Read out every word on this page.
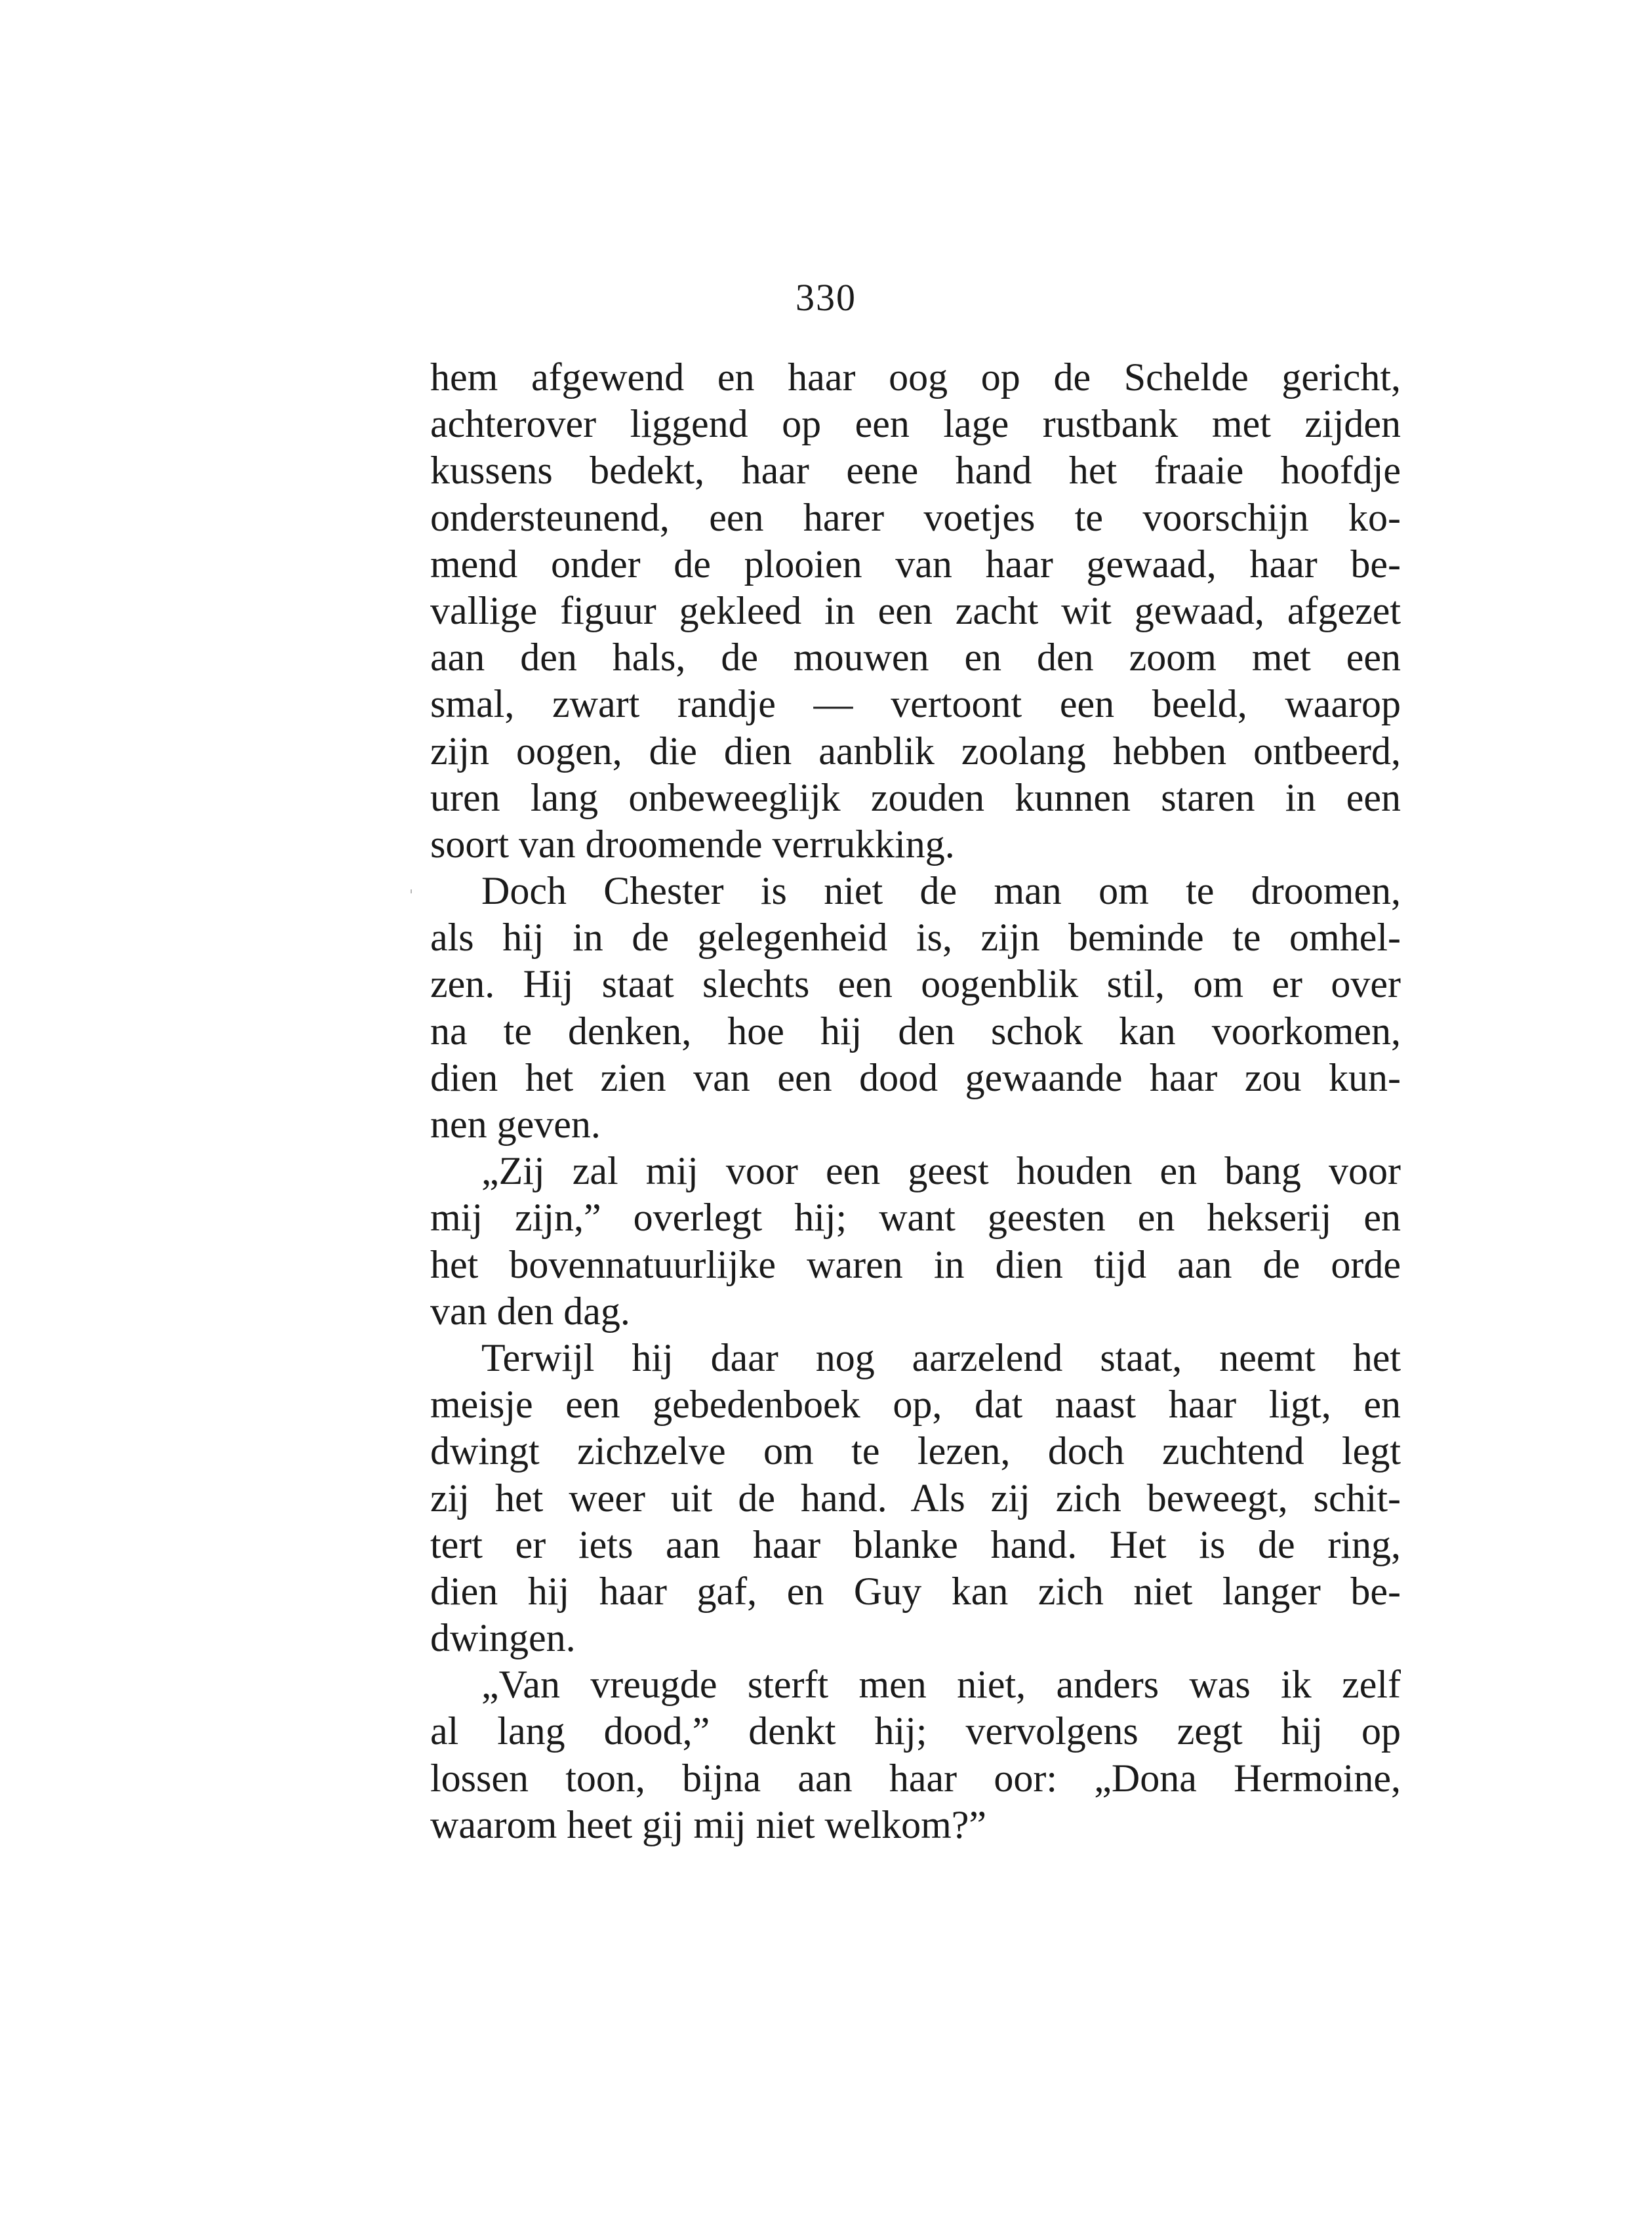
330
hem afgewend en haar oog op de Schelde gericht,
achterover liggend op een lage rustbank met zijden
kussens bedekt, haar eene hand het fraaie hoofdje
ondersteunend, een harer voetjes te voorschijn ko-
mend onder de plooien van haar gewaad, haar be-
vallige figuur gekleed in een zacht wit gewaad, afgezet
aan den hals, de mouwen en den zoom met een
smal, zwart randje — vertoont een beeld, waarop
zijn oogen, die dien aanblik zoolang hebben ontbeerd,
uren lang onbeweeglijk zouden kunnen staren in een
soort van droomende verrukking.
Doch Chester is niet de man om te droomen,
als hij in de gelegenheid is, zijn beminde te omhel-
zen. Hij staat slechts een oogenblik stil, om er over
na te denken, hoe hij den schok kan voorkomen,
dien het zien van een dood gewaande haar zou kun-
nen geven.
„Zij zal mij voor een geest houden en bang voor
mij zijn,” overlegt hij; want geesten en hekserij en
het bovennatuurlijke waren in dien tijd aan de orde
van den dag.
Terwijl hij daar nog aarzelend staat, neemt het
meisje een gebedenboek op, dat naast haar ligt, en
dwingt zichzelve om te lezen, doch zuchtend legt
zij het weer uit de hand. Als zij zich beweegt, schit-
tert er iets aan haar blanke hand. Het is de ring,
dien hij haar gaf, en Guy kan zich niet langer be-
dwingen.
„Van vreugde sterft men niet, anders was ik zelf
al lang dood,” denkt hij; vervolgens zegt hij op
lossen toon, bijna aan haar oor: „Dona Hermoine,
waarom heet gij mij niet welkom?”
